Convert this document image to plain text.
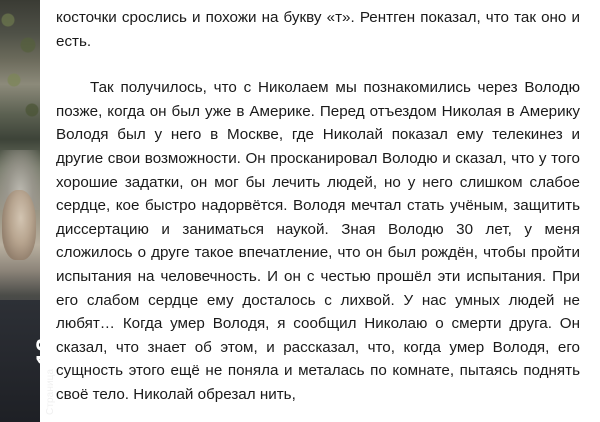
Страница
13
Кем был и остаётся для меня Н.В. Левашов? Игорь Кондрашов

косточки срослись и похожи на букву «т». Рентген показал, что так оно и есть.

Так получилось, что с Николаем мы познакомились через Володю позже, когда он был уже в Америке. Перед отъездом Николая в Америку Володя был у него в Москве, где Николай показал ему телекинез и другие свои возможности. Он просканировал Володю и сказал, что у того хорошие задатки, он мог бы лечить людей, но у него слишком слабое сердце, кое быстро надорвётся. Володя мечтал стать учёным, защитить диссертацию и заниматься наукой. Зная Володю 30 лет, у меня сложилось о друге такое впечатление, что он был рождён, чтобы пройти испытания на человечность. И он с честью прошёл эти испытания. При его слабом сердце ему досталось с лихвой. У нас умных людей не любят… Когда умер Володя, я сообщил Николаю о смерти друга. Он сказал, что знает об этом, и рассказал, что, когда умер Володя, его сущность этого ещё не поняла и металась по комнате, пытаясь поднять своё тело. Николай обрезал нить,
